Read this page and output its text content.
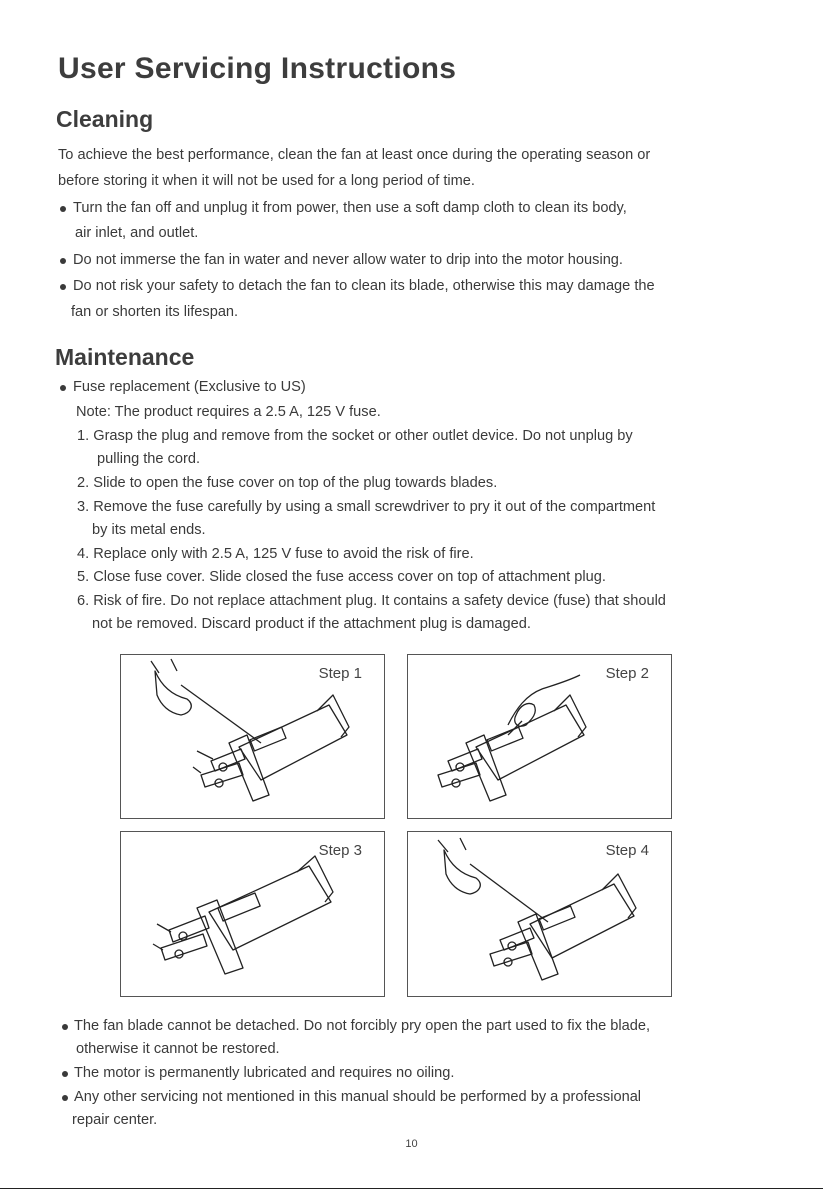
User Servicing Instructions
Cleaning

To achieve the best performance, clean the fan at least once during the operating season or

before storing it when it will not be used for a long period of time.

Turn the fan off and unplug it from power, then use a soft damp cloth to clean its body,

air inlet, and outlet.

Do not immerse the fan in water and never allow water to drip into the motor housing.

Do not risk your safety to detach the fan to clean its blade, otherwise this may damage the

fan or shorten its lifespan.

Maintenance

Fuse replacement (Exclusive to US)

Note: The product requires a 2.5 A, 125 V fuse.

1. Grasp the plug and remove from the socket or other outlet device. Do not unplug by

pulling the cord.

2. Slide to open the fuse cover on top of the plug towards blades.

3. Remove the fuse carefully by using a small screwdriver to pry it out of the compartment

by its metal ends.

4. Replace only with 2.5 A, 125 V fuse to avoid the risk of fire.

5. Close fuse cover. Slide closed the fuse access cover on top of attachment plug.

6. Risk of fire. Do not replace attachment plug. It contains a safety device (fuse) that should

not be removed. Discard product if the attachment plug is damaged.

Step 1	Step 2
Step 3	Step 4

The fan blade cannot be detached. Do not forcibly pry open the part used to fix the blade,

otherwise it cannot be restored.

The motor is permanently lubricated and requires no oiling.

Any other servicing not mentioned in this manual should be performed by a professional

repair center.

10
